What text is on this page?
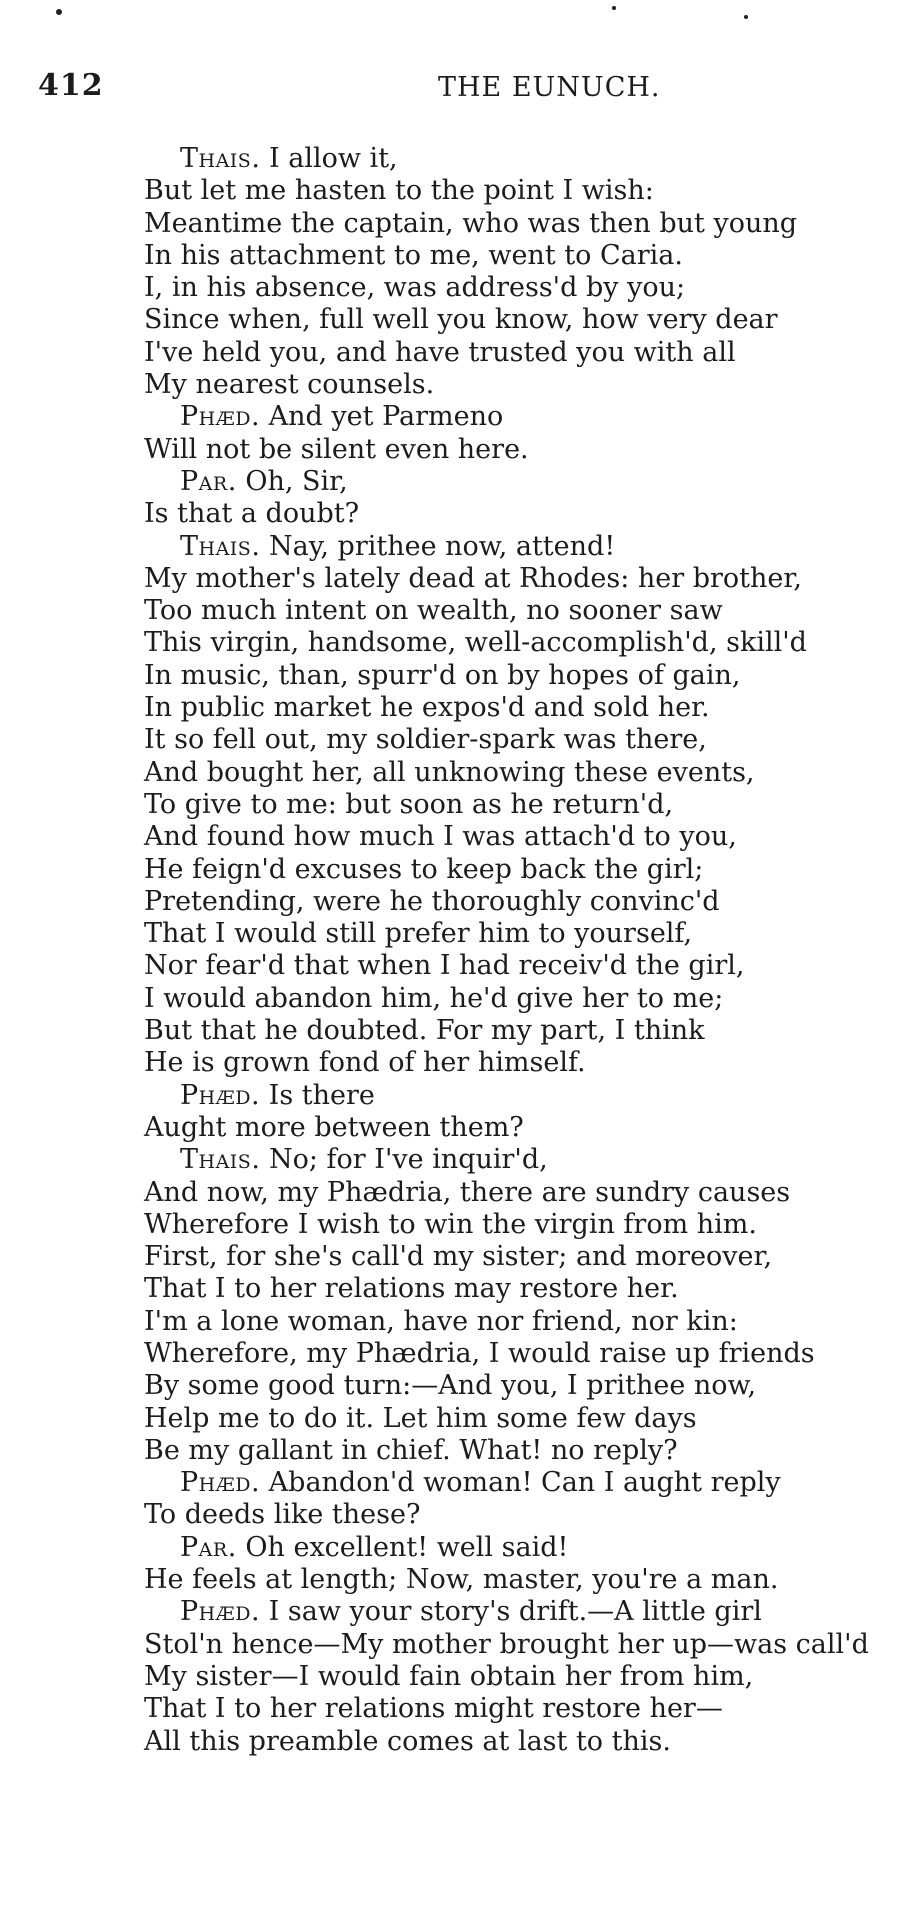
412	THE EUNUCH.
Thais. I allow it,
But let me hasten to the point I wish:
Meantime the captain, who was then but young
In his attachment to me, went to Caria.
I, in his absence, was address'd by you;
Since when, full well you know, how very dear
I've held you, and have trusted you with all
My nearest counsels.
Phæd. And yet Parmeno
Will not be silent even here.
Par. Oh, Sir,
Is that a doubt?
Thais. Nay, prithee now, attend!
My mother's lately dead at Rhodes: her brother,
Too much intent on wealth, no sooner saw
This virgin, handsome, well-accomplish'd, skill'd
In music, than, spurr'd on by hopes of gain,
In public market he expos'd and sold her.
It so fell out, my soldier-spark was there,
And bought her, all unknowing these events,
To give to me: but soon as he return'd,
And found how much I was attach'd to you,
He feign'd excuses to keep back the girl;
Pretending, were he thoroughly convinc'd
That I would still prefer him to yourself,
Nor fear'd that when I had receiv'd the girl,
I would abandon him, he'd give her to me;
But that he doubted. For my part, I think
He is grown fond of her himself.
Phæd. Is there
Aught more between them?
Thais. No; for I've inquir'd,
And now, my Phædria, there are sundry causes
Wherefore I wish to win the virgin from him.
First, for she's call'd my sister; and moreover,
That I to her relations may restore her.
I'm a lone woman, have nor friend, nor kin:
Wherefore, my Phædria, I would raise up friends
By some good turn:—And you, I prithee now,
Help me to do it. Let him some few days
Be my gallant in chief. What! no reply?
Phæd. Abandon'd woman! Can I aught reply
To deeds like these?
Par. Oh excellent! well said!
He feels at length; Now, master, you're a man.
Phæd. I saw your story's drift.—A little girl
Stol'n hence—My mother brought her up—was call'd
My sister—I would fain obtain her from him,
That I to her relations might restore her—
All this preamble comes at last to this.
